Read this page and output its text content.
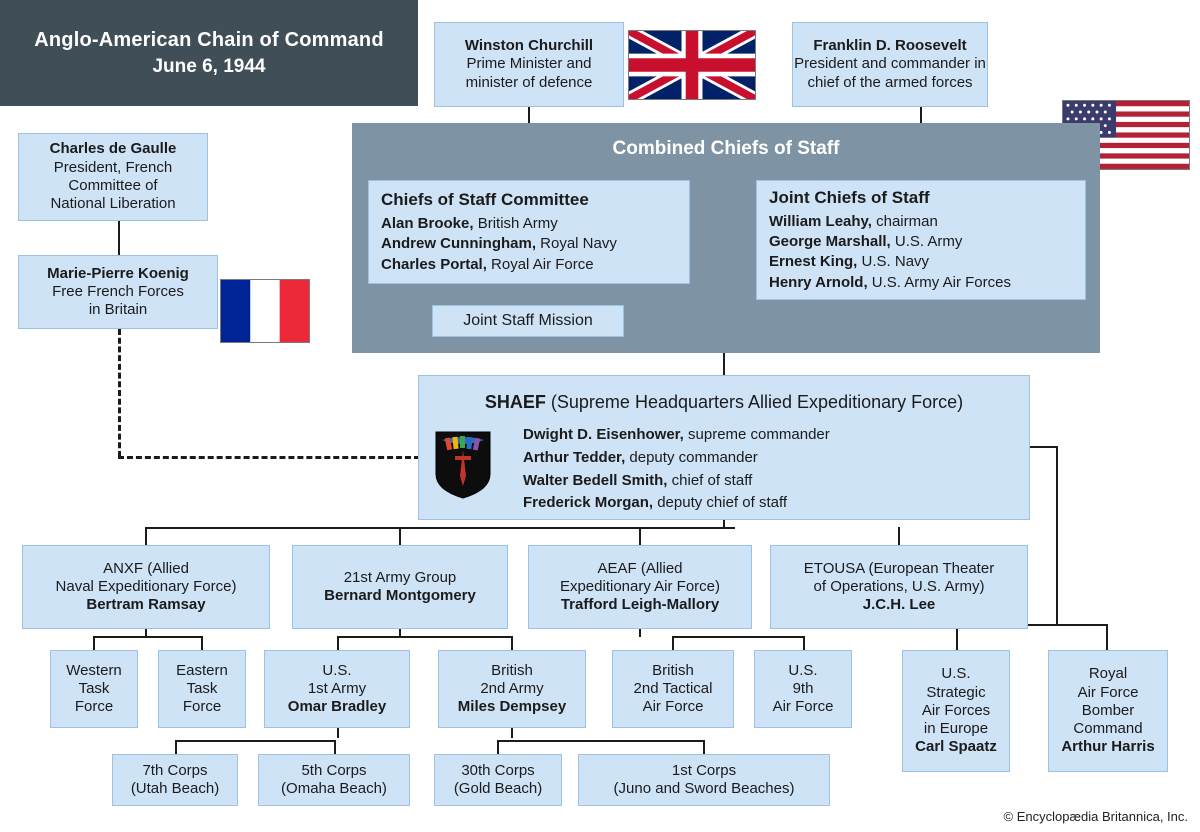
Anglo-American Chain of Command
June 6, 1944
Winston Churchill
Prime Minister and
minister of defence
Franklin D. Roosevelt
President and commander in
chief of the armed forces
Charles de Gaulle
President, French
Committee of
National Liberation
Marie-Pierre Koenig
Free French Forces
in Britain
Combined Chiefs of Staff
Chiefs of Staff Committee
Alan Brooke, British Army
Andrew Cunningham, Royal Navy
Charles Portal, Royal Air Force
Joint Chiefs of Staff
William Leahy, chairman
George Marshall, U.S. Army
Ernest King, U.S. Navy
Henry Arnold, U.S. Army Air Forces
Joint Staff Mission
SHAEF (Supreme Headquarters Allied Expeditionary Force)
Dwight D. Eisenhower, supreme commander
Arthur Tedder, deputy commander
Walter Bedell Smith, chief of staff
Frederick Morgan, deputy chief of staff
ANXF (Allied
Naval Expeditionary Force)
Bertram Ramsay
21st Army Group
Bernard Montgomery
AEAF (Allied
Expeditionary Air Force)
Trafford Leigh-Mallory
ETOUSA (European Theater
of Operations, U.S. Army)
J.C.H. Lee
Western
Task
Force
Eastern
Task
Force
U.S.
1st Army
Omar Bradley
British
2nd Army
Miles Dempsey
British
2nd Tactical
Air Force
U.S.
9th
Air Force
U.S.
Strategic
Air Forces
in Europe
Carl Spaatz
Royal
Air Force
Bomber
Command
Arthur Harris
7th Corps
(Utah Beach)
5th Corps
(Omaha Beach)
30th Corps
(Gold Beach)
1st Corps
(Juno and Sword Beaches)
© Encyclopædia Britannica, Inc.
